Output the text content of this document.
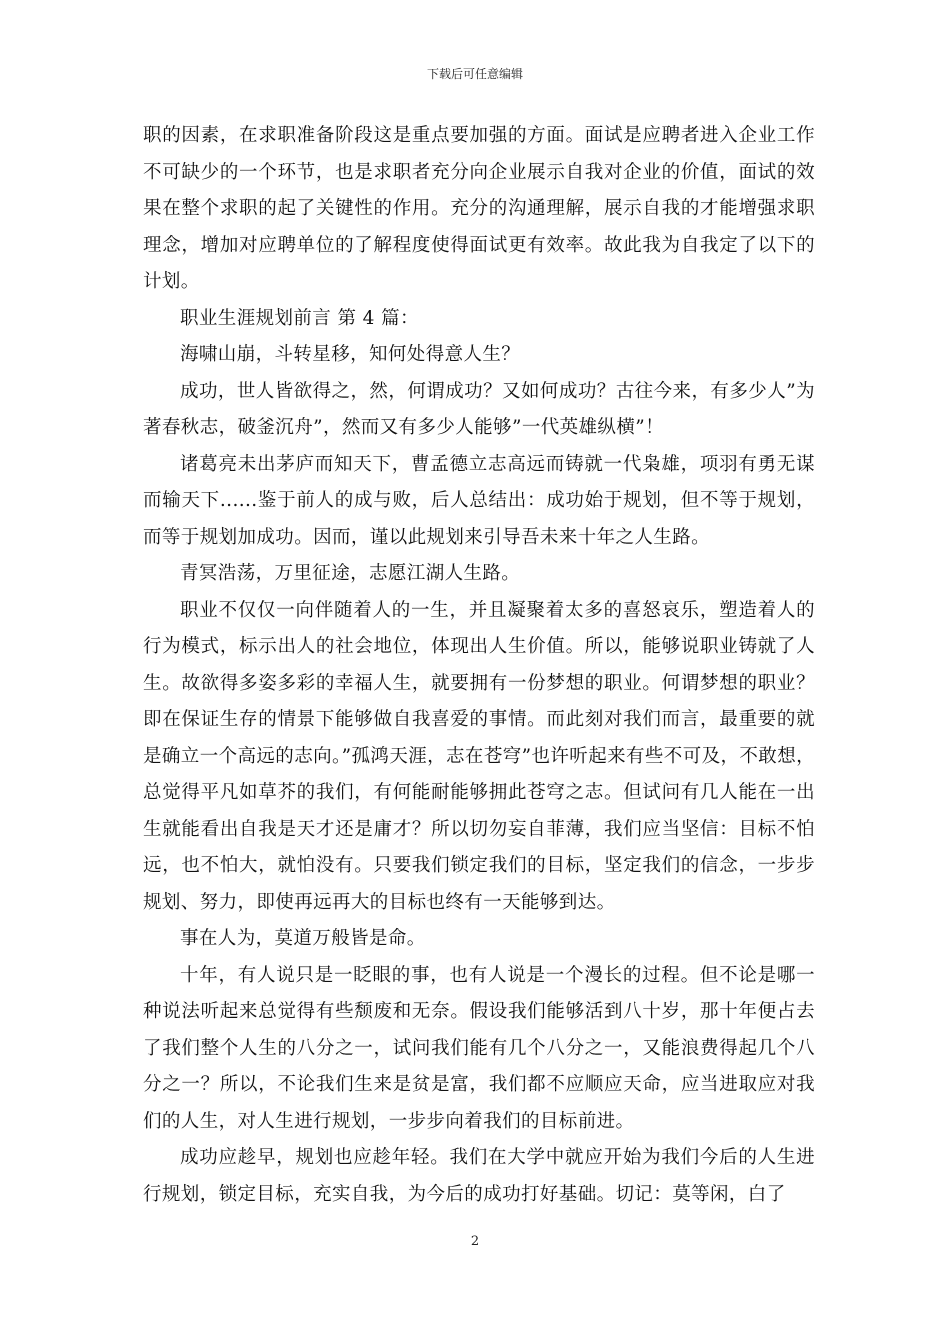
下载后可任意编辑

职的因素，在求职准备阶段这是重点要加强的方面。面试是应聘者进入企业工作不可缺少的一个环节，也是求职者充分向企业展示自我对企业的价值，面试的效果在整个求职的起了关键性的作用。充分的沟通理解，展示自我的才能增强求职理念，增加对应聘单位的了解程度使得面试更有效率。故此我为自我定了以下的计划。

职业生涯规划前言 第 4 篇：

海啸山崩，斗转星移，知何处得意人生？

成功，世人皆欲得之，然，何谓成功？又如何成功？古往今来，有多少人”为著春秋志，破釜沉舟”，然而又有多少人能够”一代英雄纵横”！

诸葛亮未出茅庐而知天下，曹孟德立志高远而铸就一代枭雄，项羽有勇无谋而输天下......鉴于前人的成与败，后人总结出：成功始于规划，但不等于规划，而等于规划加成功。因而，谨以此规划来引导吾未来十年之人生路。

青冥浩荡，万里征途，志愿江湖人生路。

职业不仅仅一向伴随着人的一生，并且凝聚着太多的喜怒哀乐，塑造着人的行为模式，标示出人的社会地位，体现出人生价值。所以，能够说职业铸就了人生。故欲得多姿多彩的幸福人生，就要拥有一份梦想的职业。何谓梦想的职业？即在保证生存的情景下能够做自我喜爱的事情。而此刻对我们而言，最重要的就是确立一个高远的志向。”孤鸿天涯，志在苍穹”也许听起来有些不可及，不敢想，总觉得平凡如草芥的我们，有何能耐能够拥此苍穹之志。但试问有几人能在一出生就能看出自我是天才还是庸才？所以切勿妄自菲薄，我们应当坚信：目标不怕远，也不怕大，就怕没有。只要我们锁定我们的目标，坚定我们的信念，一步步规划、努力，即使再远再大的目标也终有一天能够到达。

事在人为，莫道万般皆是命。

十年，有人说只是一眨眼的事，也有人说是一个漫长的过程。但不论是哪一种说法听起来总觉得有些颓废和无奈。假设我们能够活到八十岁，那十年便占去了我们整个人生的八分之一，试问我们能有几个八分之一，又能浪费得起几个八分之一？所以，不论我们生来是贫是富，我们都不应顺应天命，应当进取应对我们的人生，对人生进行规划，一步步向着我们的目标前进。

成功应趁早，规划也应趁年轻。我们在大学中就应开始为我们今后的人生进行规划，锁定目标，充实自我，为今后的成功打好基础。切记：莫等闲，白了

2
